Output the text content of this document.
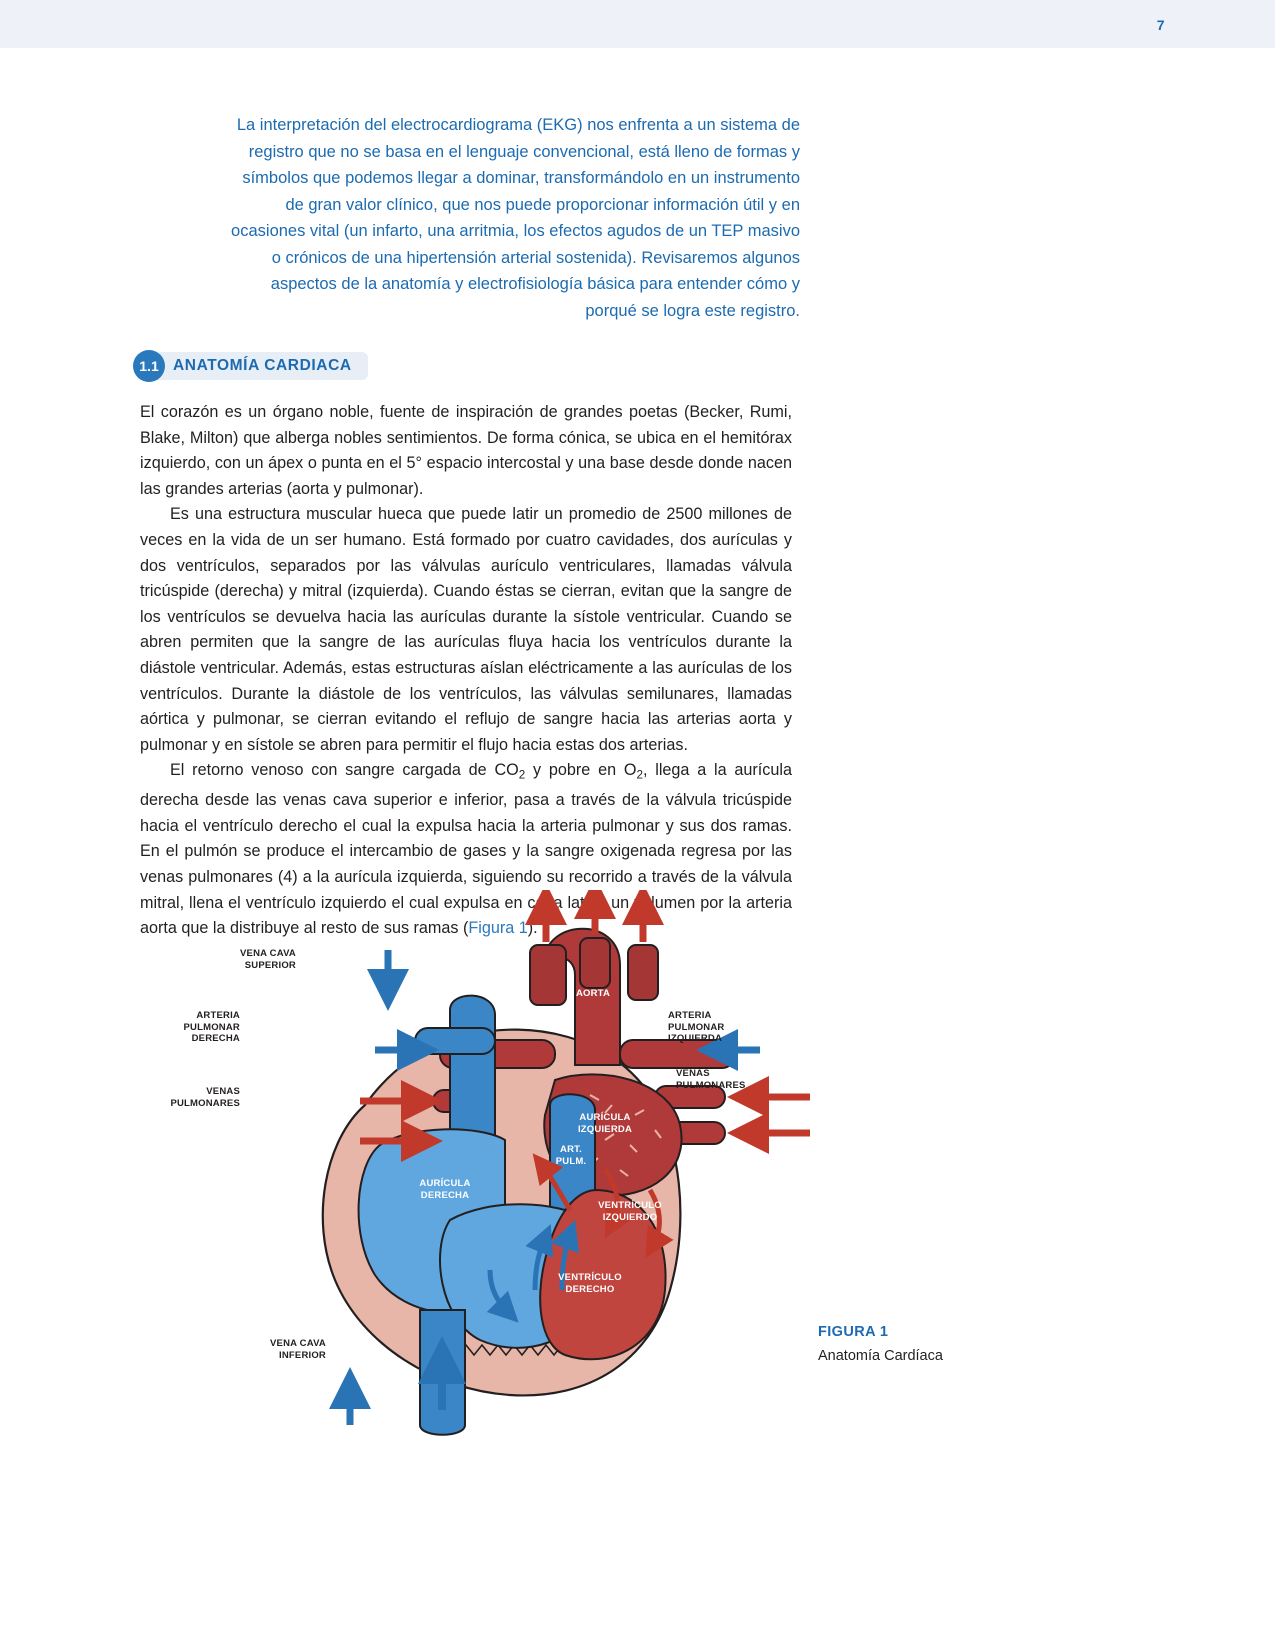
7
La interpretación del electrocardiograma (EKG) nos enfrenta a un sistema de registro que no se basa en el lenguaje convencional, está lleno de formas y símbolos que podemos llegar a dominar, transformándolo en un instrumento de gran valor clínico, que nos puede proporcionar información útil y en ocasiones vital (un infarto, una arritmia, los efectos agudos de un TEP masivo o crónicos de una hipertensión arterial sostenida). Revisaremos algunos aspectos de la anatomía y electrofisiología básica para entender cómo y porqué se logra este registro.
1.1 ANATOMÍA CARDIACA

El corazón es un órgano noble, fuente de inspiración de grandes poetas (Becker, Rumi, Blake, Milton) que alberga nobles sentimientos. De forma cónica, se ubica en el hemitórax izquierdo, con un ápex o punta en el 5° espacio intercostal y una base desde donde nacen las grandes arterias (aorta y pulmonar).

Es una estructura muscular hueca que puede latir un promedio de 2500 millones de veces en la vida de un ser humano. Está formado por cuatro cavidades, dos aurículas y dos ventrículos, separados por las válvulas aurículo ventriculares, llamadas válvula tricúspide (derecha) y mitral (izquierda). Cuando éstas se cierran, evitan que la sangre de los ventrículos se devuelva hacia las aurículas durante la sístole ventricular. Cuando se abren permiten que la sangre de las aurículas fluya hacia los ventrículos durante la diástole ventricular. Además, estas estructuras aíslan eléctricamente a las aurículas de los ventrículos. Durante la diástole de los ventrículos, las válvulas semilunares, llamadas aórtica y pulmonar, se cierran evitando el reflujo de sangre hacia las arterias aorta y pulmonar y en sístole se abren para permitir el flujo hacia estas dos arterias.

El retorno venoso con sangre cargada de $CO_2$ y pobre en $O_2$, llega a la aurícula derecha desde las venas cava superior e inferior, pasa a través de la válvula tricúspide hacia el ventrículo derecho el cual la expulsa hacia la arteria pulmonar y sus dos ramas. En el pulmón se produce el intercambio de gases y la sangre oxigenada regresa por las venas pulmonares (4) a la aurícula izquierda, siguiendo su recorrido a través de la válvula mitral, llena el ventrículo izquierdo el cual expulsa en cada latido un volumen por la arteria aorta que la distribuye al resto de sus ramas (Figura 1).

VENA CAVA
SUPERIOR
AORTA
ARTERIA
PULMONAR
DERECHA
ARTERIA
PULMONAR
IZQUIERDA
VENAS
PULMONARES
VENAS
PULMONARES
AURÍCULA
DERECHA
AURÍCULA
IZQUIERDA
ART.
PULM.
VENTRÍCULO
DERECHO
VENTRÍCULO
IZQUIERDO
VENA CAVA
INFERIOR
FIGURA 1
Anatomía Cardíaca
